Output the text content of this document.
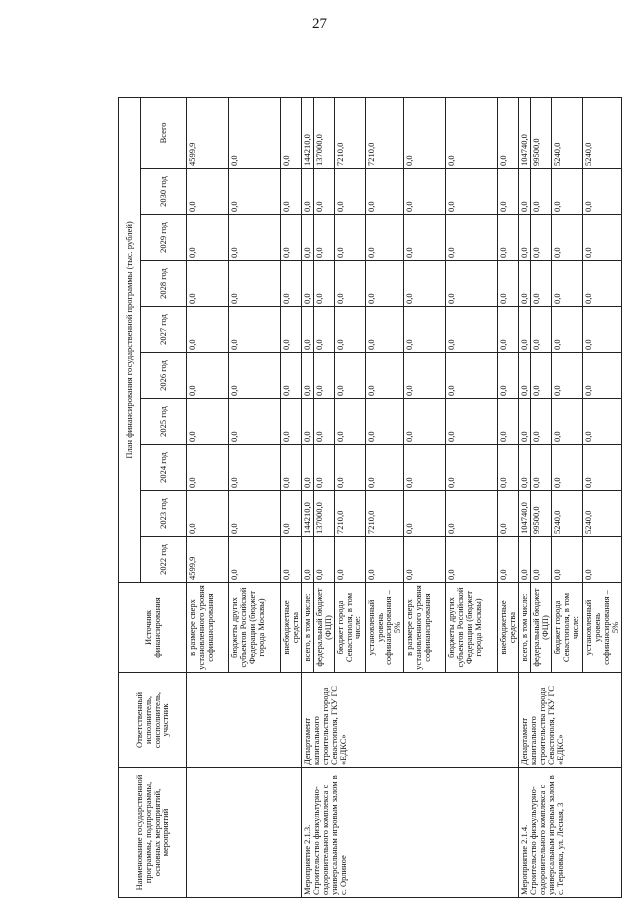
27
Наименование государственной программы, подпрограммы, основных мероприятий, мероприятий	Ответственный исполнитель, соисполнитель, участник	Источник финансирования	План финансирования государственной программы (тыс. рублей)									
			2022 год	2023 год	2024 год	2025 год	2026 год	2027 год	2028 год	2029 год	2030 год	Всего
		в размере сверх установленного уровня софинансирования	4599,9	0,0	0,0	0,0	0,0	0,0	0,0	0,0	0,0	4599,9
		бюджеты других субъектов Российской Федерации (бюджет города Москвы)	0,0	0,0	0,0	0,0	0,0	0,0	0,0	0,0	0,0	0,0
		внебюджетные средства	0,0	0,0	0,0	0,0	0,0	0,0	0,0	0,0	0,0	0,0
Мероприятие 2.1.3. Строительство физкультурно-оздоровительного комплекса с универсальным игровым залом в с. Орлиное	Департамент капитального строительства города Севастополя, ГКУ ГС «ЕДКС»	всего, в том числе:	0,0	144210,0	0,0	0,0	0,0	0,0	0,0	0,0	0,0	144210,0
		федеральный бюджет (ФЦП)	0,0	137000,0	0,0	0,0	0,0	0,0	0,0	0,0	0,0	137000,0
		бюджет города Севастополя, в том числе:	0,0	7210,0	0,0	0,0	0,0	0,0	0,0	0,0	0,0	7210,0
		установленный уровень софинансирования – 5%	0,0	7210,0	0,0	0,0	0,0	0,0	0,0	0,0	0,0	7210,0
		в размере сверх установленного уровня софинансирования	0,0	0,0	0,0	0,0	0,0	0,0	0,0	0,0	0,0	0,0
		бюджеты других субъектов Российской Федерации (бюджет города Москвы)	0,0	0,0	0,0	0,0	0,0	0,0	0,0	0,0	0,0	0,0
		внебюджетные средства	0,0	0,0	0,0	0,0	0,0	0,0	0,0	0,0	0,0	0,0
Мероприятие 2.1.4. Строительство физкультурно-оздоровительного комплекса с универсальным игровым залом в с. Терновка, ул. Лесная, 3	Департамент капитального строительства города Севастополя, ГКУ ГС «ЕДКС»	всего, в том числе:	0,0	104740,0	0,0	0,0	0,0	0,0	0,0	0,0	0,0	104740,0
		федеральный бюджет (ФЦП)	0,0	99500,0	0,0	0,0	0,0	0,0	0,0	0,0	0,0	99500,0
		бюджет города Севастополя, в том числе:	0,0	5240,0	0,0	0,0	0,0	0,0	0,0	0,0	0,0	5240,0
		установленный уровень софинансирования – 5%	0,0	5240,0	0,0	0,0	0,0	0,0	0,0	0,0	0,0	5240,0
